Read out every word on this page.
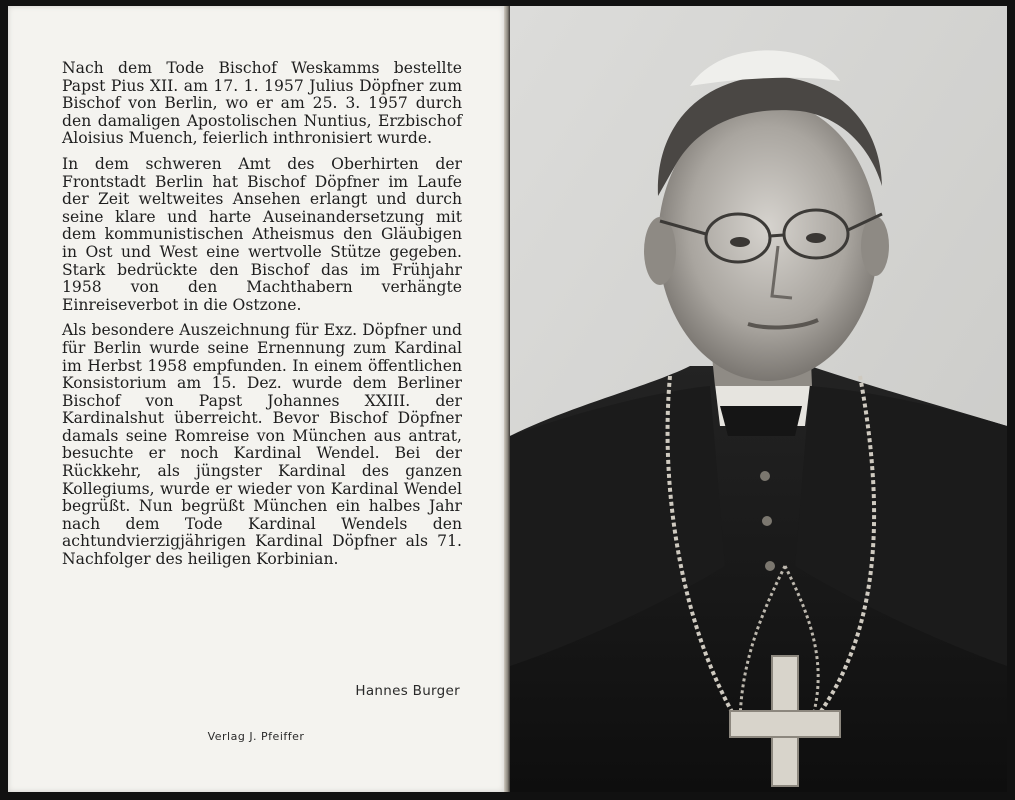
Nach dem Tode Bischof Weskamms bestellte Papst Pius XII. am 17. 1. 1957 Julius Döpfner zum Bischof von Berlin, wo er am 25. 3. 1957 durch den damaligen Apostolischen Nuntius, Erzbischof Aloisius Muench, feierlich inthronisiert wurde.

In dem schweren Amt des Oberhirten der Frontstadt Berlin hat Bischof Döpfner im Laufe der Zeit weltweites Ansehen erlangt und durch seine klare und harte Auseinandersetzung mit dem kommunistischen Atheismus den Gläubigen in Ost und West eine wertvolle Stütze gegeben. Stark bedrückte den Bischof das im Frühjahr 1958 von den Machthabern verhängte Einreiseverbot in die Ostzone.

Als besondere Auszeichnung für Exz. Döpfner und für Berlin wurde seine Ernennung zum Kardinal im Herbst 1958 empfunden. In einem öffentlichen Konsistorium am 15. Dez. wurde dem Berliner Bischof von Papst Johannes XXIII. der Kardinalshut überreicht. Bevor Bischof Döpfner damals seine Romreise von München aus antrat, besuchte er noch Kardinal Wendel. Bei der Rückkehr, als jüngster Kardinal des ganzen Kollegiums, wurde er wieder von Kardinal Wendel begrüßt. Nun begrüßt München ein halbes Jahr nach dem Tode Kardinal Wendels den achtundvierzigjährigen Kardinal Döpfner als 71. Nachfolger des heiligen Korbinian.

Hannes Burger
Verlag J. Pfeiffer
